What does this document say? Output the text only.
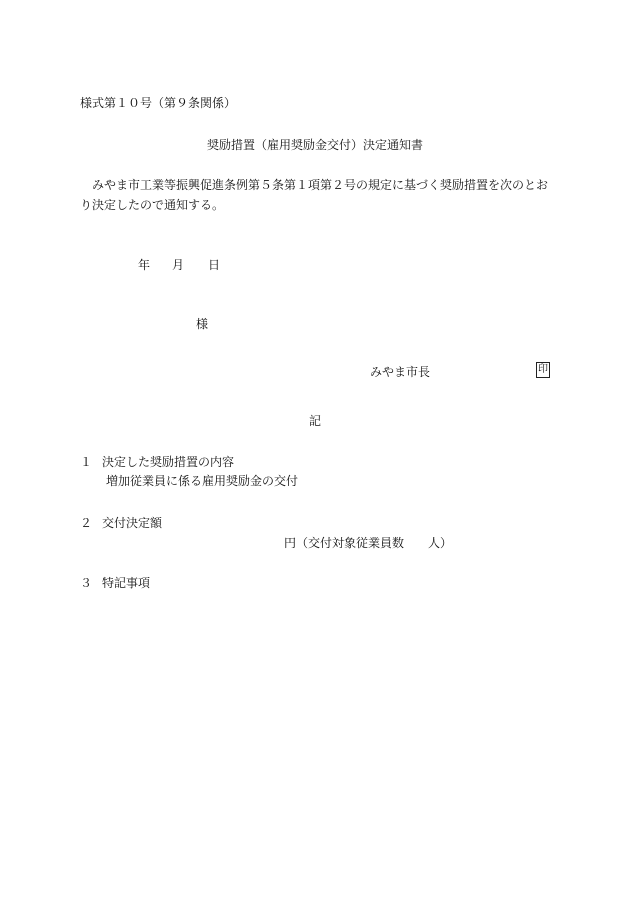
様式第１０号（第９条関係）
奨励措置（雇用奨励金交付）決定通知書
みやま市工業等振興促進条例第５条第１項第２号の規定に基づく奨励措置を次のとおり決定したので通知する。
年 月 日
様
みやま市長	印
記
１ 決定した奨励措置の内容
増加従業員に係る雇用奨励金の交付
２ 交付決定額
円（交付対象従業員数 人）
３ 特記事項
